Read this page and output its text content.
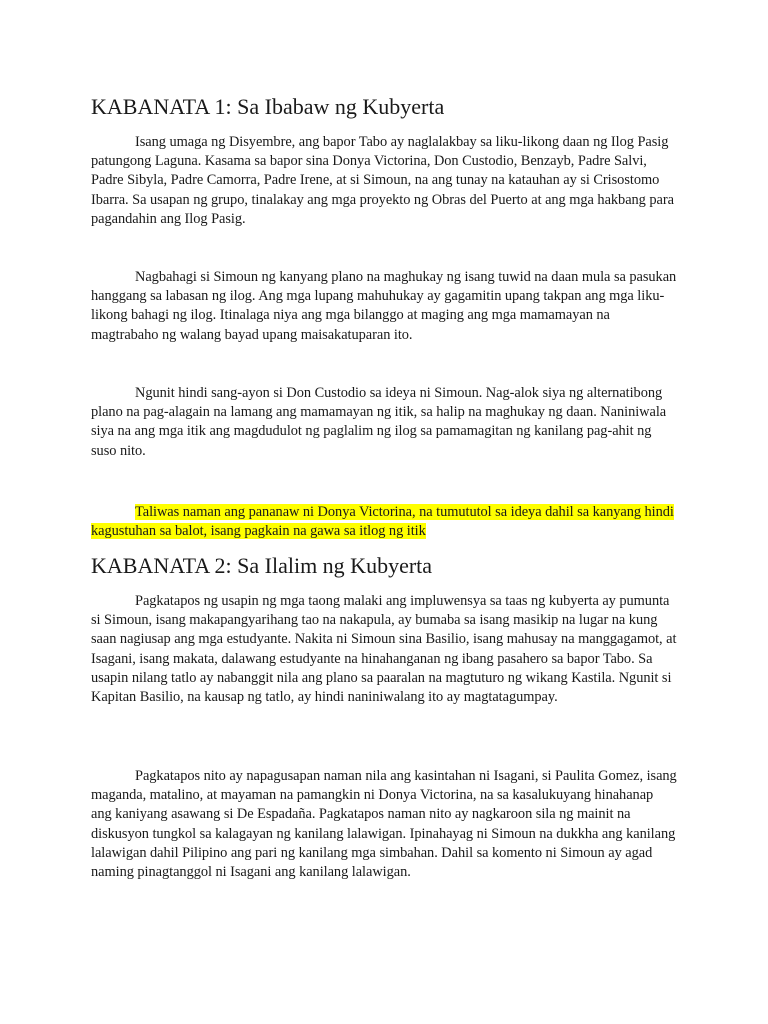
KABANATA 1: Sa Ibabaw ng Kubyerta

Isang umaga ng Disyembre, ang bapor Tabo ay naglalakbay sa liku-likong daan ng Ilog Pasig patungong Laguna. Kasama sa bapor sina Donya Victorina, Don Custodio, Benzayb, Padre Salvi, Padre Sibyla, Padre Camorra, Padre Irene, at si Simoun, na ang tunay na katauhan ay si Crisostomo Ibarra. Sa usapan ng grupo, tinalakay ang mga proyekto ng Obras del Puerto at ang mga hakbang para pagandahin ang Ilog Pasig.

Nagbahagi si Simoun ng kanyang plano na maghukay ng isang tuwid na daan mula sa pasukan hanggang sa labasan ng ilog. Ang mga lupang mahuhukay ay gagamitin upang takpan ang mga liku-likong bahagi ng ilog. Itinalaga niya ang mga bilanggo at maging ang mga mamamayan na magtrabaho ng walang bayad upang maisakatuparan ito.

Ngunit hindi sang-ayon si Don Custodio sa ideya ni Simoun. Nag-alok siya ng alternatibong plano na pag-alagain na lamang ang mamamayan ng itik, sa halip na maghukay ng daan. Naniniwala siya na ang mga itik ang magdudulot ng paglalim ng ilog sa pamamagitan ng kanilang pag-ahit ng suso nito.

Taliwas naman ang pananaw ni Donya Victorina, na tumututol sa ideya dahil sa kanyang hindi kagustuhan sa balot, isang pagkain na gawa sa itlog ng itik

KABANATA 2: Sa Ilalim ng Kubyerta

Pagkatapos ng usapin ng mga taong malaki ang impluwensya sa taas ng kubyerta ay pumunta si Simoun, isang makapangyarihang tao na nakapula, ay bumaba sa isang masikip na lugar na kung saan nagiusap ang mga estudyante. Nakita ni Simoun sina Basilio, isang mahusay na manggagamot, at Isagani, isang makata, dalawang estudyante na hinahanganan ng ibang pasahero sa bapor Tabo. Sa usapin nilang tatlo ay nabanggit nila ang plano sa paaralan na magtuturo ng wikang Kastila. Ngunit si Kapitan Basilio, na kausap ng tatlo, ay hindi naniniwalang ito ay magtatagumpay.

Pagkatapos nito ay napagusapan naman nila ang kasintahan ni Isagani, si Paulita Gomez, isang maganda, matalino, at mayaman na pamangkin ni Donya Victorina, na sa kasalukuyang hinahanap ang kaniyang asawang si De Espadaña. Pagkatapos naman nito ay nagkaroon sila ng mainit na diskusyon tungkol sa kalagayan ng kanilang lalawigan. Ipinahayag ni Simoun na dukkha ang kanilang lalawigan dahil Pilipino ang pari ng kanilang mga simbahan. Dahil sa komento ni Simoun ay agad naming pinagtanggol ni Isagani ang kanilang lalawigan.
